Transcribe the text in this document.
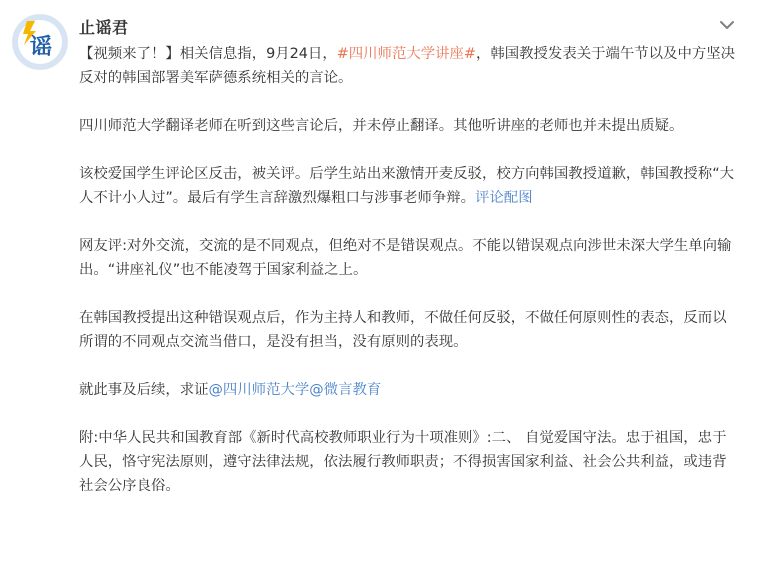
谣
止谣君

【视频来了！】相关信息指，9月24日，#四川师范大学讲座#，韩国教授发表关于端午节以及中方坚决反对的韩国部署美军萨德系统相关的言论。

四川师范大学翻译老师在听到这些言论后，并未停止翻译。其他听讲座的老师也并未提出质疑。

该校爱国学生评论区反击，被关评。后学生站出来激情开麦反驳，校方向韩国教授道歉，韩国教授称“大人不计小人过”。最后有学生言辞激烈爆粗口与涉事老师争辩。评论配图

网友评:对外交流，交流的是不同观点，但绝对不是错误观点。不能以错误观点向涉世未深大学生单向输出。“讲座礼仪”也不能凌驾于国家利益之上。

在韩国教授提出这种错误观点后，作为主持人和教师，不做任何反驳，不做任何原则性的表态，反而以所谓的不同观点交流当借口，是没有担当，没有原则的表现。

就此事及后续，求证@四川师范大学@微言教育

附:中华人民共和国教育部《新时代高校教师职业行为十项准则》:二、 自觉爱国守法。忠于祖国，忠于人民，恪守宪法原则，遵守法律法规，依法履行教师职责；不得损害国家利益、社会公共利益，或违背社会公序良俗。
